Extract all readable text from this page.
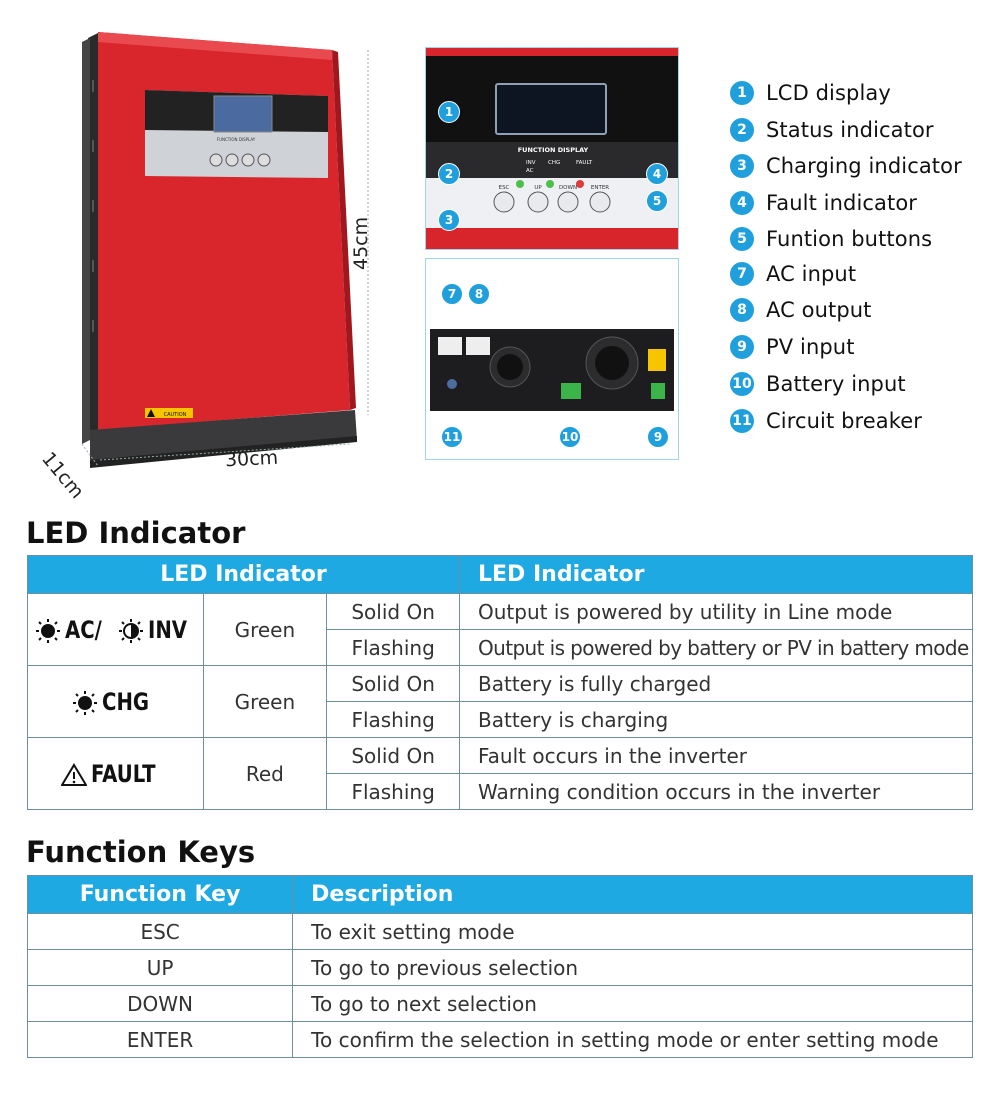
FUNCTION DISPLAY
CAUTION
45cm
30cm
11cm
FUNCTION DISPLAY
INV
AC
CHG	FAULT
ESC	UP	DOWN	ENTER
1
2
3
4
5
7	8
11	10	9
1 LCD display
2 Status indicator
3 Charging indicator
4 Fault indicator
5 Funtion buttons
7 AC input
8 AC output
9 PV input
10 Battery input
11 Circuit breaker
LED Indicator
LED Indicator			LED Indicator
AC/ INV	Green	Solid On	Output is powered by utility in Line mode
		Flashing	Output is powered by battery or PV in battery mode
CHG	Green	Solid On	Battery is fully charged
		Flashing	Battery is charging
FAULT	Red	Solid On	Fault occurs in the inverter
		Flashing	Warning condition occurs in the inverter
Function Keys
Function Key	Description
ESC	To exit setting mode
UP	To go to previous selection
DOWN	To go to next selection
ENTER	To confirm the selection in setting mode or enter setting mode
